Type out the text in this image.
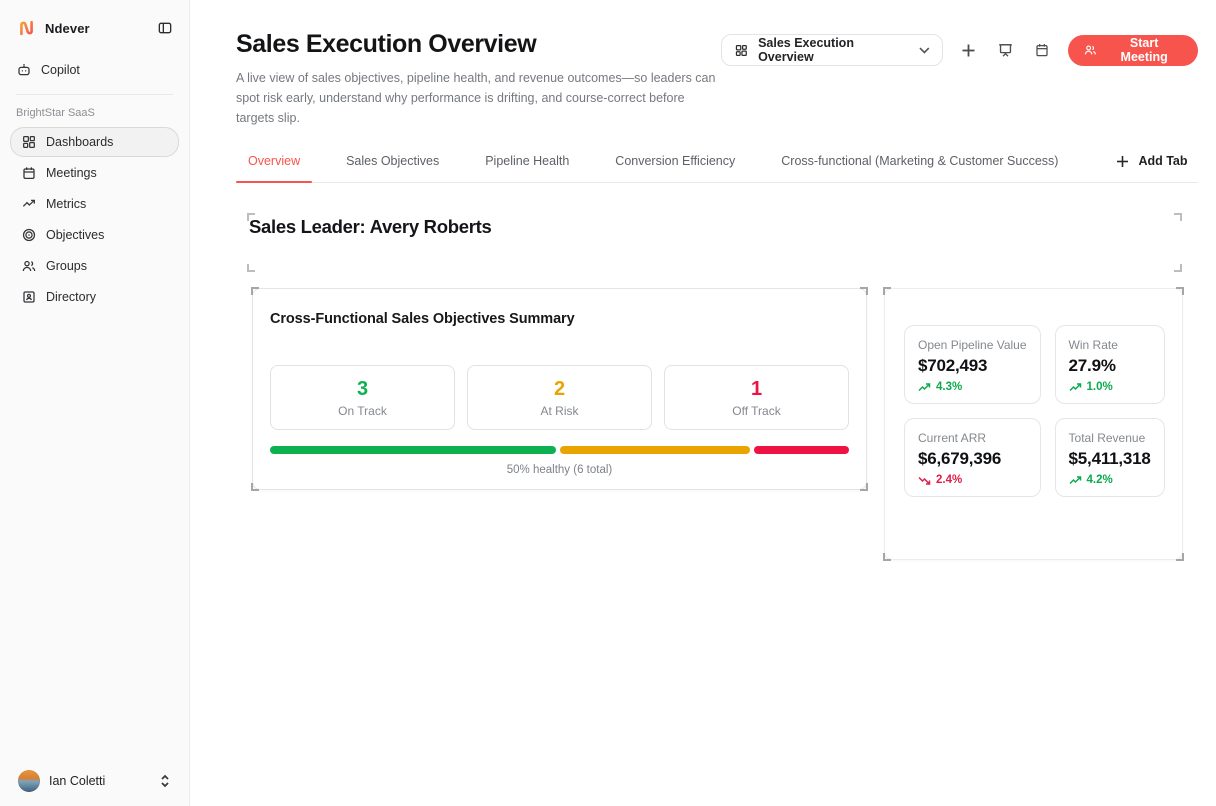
Ndever
Copilot
BrightStar SaaS
Dashboards
Meetings
Metrics
Objectives
Groups
Directory
Ian Coletti
Sales Execution Overview

A live view of sales objectives, pipeline health, and revenue outcomes—so leaders can spot risk early, understand why performance is drifting, and course-correct before targets slip.

Sales Execution Overview
Start Meeting
Overview	Sales Objectives	Pipeline Health	Conversion Efficiency	Cross-functional (Marketing & Customer Success)	Add Tab
Sales Leader: Avery Roberts
Cross-Functional Sales Objectives Summary
3
On Track
2
At Risk
1
Off Track
50% healthy (6 total)
Open Pipeline Value
$702,493
4.3%
Win Rate
27.9%
1.0%
Current ARR
$6,679,396
2.4%
Total Revenue
$5,411,318
4.2%
